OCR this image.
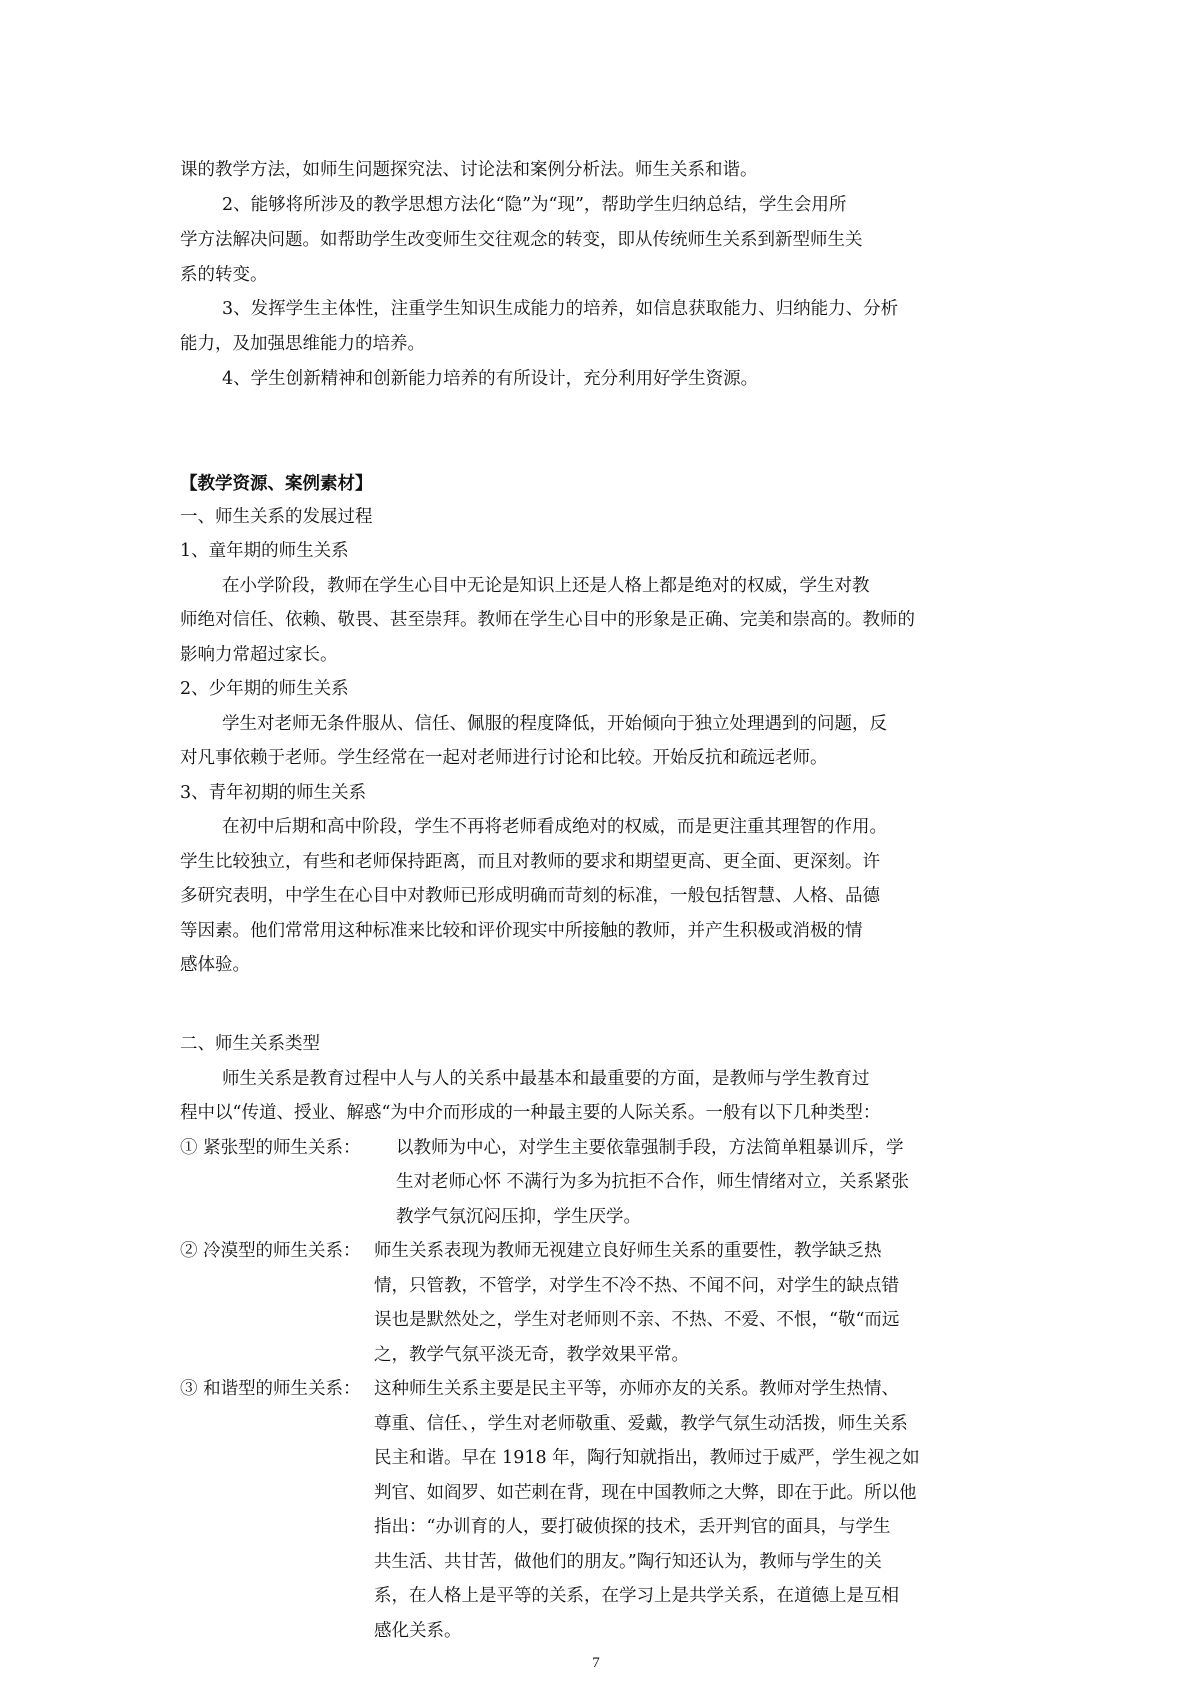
课的教学方法，如师生问题探究法、讨论法和案例分析法。师生关系和谐。
2、能够将所涉及的教学思想方法化“隐”为“现”，帮助学生归纳总结，学生会用所
学方法解决问题。如帮助学生改变师生交往观念的转变，即从传统师生关系到新型师生关
系的转变。
3、发挥学生主体性，注重学生知识生成能力的培养，如信息获取能力、归纳能力、分析
能力，及加强思维能力的培养。
4、学生创新精神和创新能力培养的有所设计，充分利用好学生资源。
【教学资源、案例素材】
一、师生关系的发展过程
1、童年期的师生关系
在小学阶段，教师在学生心目中无论是知识上还是人格上都是绝对的权威，学生对教
师绝对信任、依赖、敬畏、甚至崇拜。教师在学生心目中的形象是正确、完美和崇高的。教师的
影响力常超过家长。
2、少年期的师生关系
学生对老师无条件服从、信任、佩服的程度降低，开始倾向于独立处理遇到的问题，反
对凡事依赖于老师。学生经常在一起对老师进行讨论和比较。开始反抗和疏远老师。
3、青年初期的师生关系
在初中后期和高中阶段，学生不再将老师看成绝对的权威，而是更注重其理智的作用。
学生比较独立，有些和老师保持距离，而且对教师的要求和期望更高、更全面、更深刻。许
多研究表明，中学生在心目中对教师已形成明确而苛刻的标准，一般包括智慧、人格、品德
等因素。他们常常用这种标准来比较和评价现实中所接触的教师，并产生积极或消极的情
感体验。
二、师生关系类型
师生关系是教育过程中人与人的关系中最基本和最重要的方面，是教师与学生教育过
程中以“传道、授业、解惑“为中介而形成的一种最主要的人际关系。一般有以下几种类型：
① 紧张型的师生关系： 以教师为中心，对学生主要依靠强制手段，方法简单粗暴训斥，学
生对老师心怀 不满行为多为抗拒不合作，师生情绪对立，关系紧张
教学气氛沉闷压抑，学生厌学。
② 冷漠型的师生关系： 师生关系表现为教师无视建立良好师生关系的重要性，教学缺乏热
情，只管教，不管学，对学生不冷不热、不闻不问，对学生的缺点错
误也是默然处之，学生对老师则不亲、不热、不爱、不恨，“敬“而远
之，教学气氛平淡无奇，教学效果平常。
③ 和谐型的师生关系： 这种师生关系主要是民主平等，亦师亦友的关系。教师对学生热情、
尊重、信任、，学生对老师敬重、爱戴，教学气氛生动活拨，师生关系
民主和谐。早在 1918 年，陶行知就指出，教师过于威严，学生视之如
判官、如阎罗、如芒刺在背，现在中国教师之大弊，即在于此。所以他
指出：“办训育的人，要打破侦探的技术，丢开判官的面具，与学生
共生活、共甘苦，做他们的朋友。”陶行知还认为，教师与学生的关
系，在人格上是平等的关系，在学习上是共学关系，在道德上是互相
感化关系。
7
